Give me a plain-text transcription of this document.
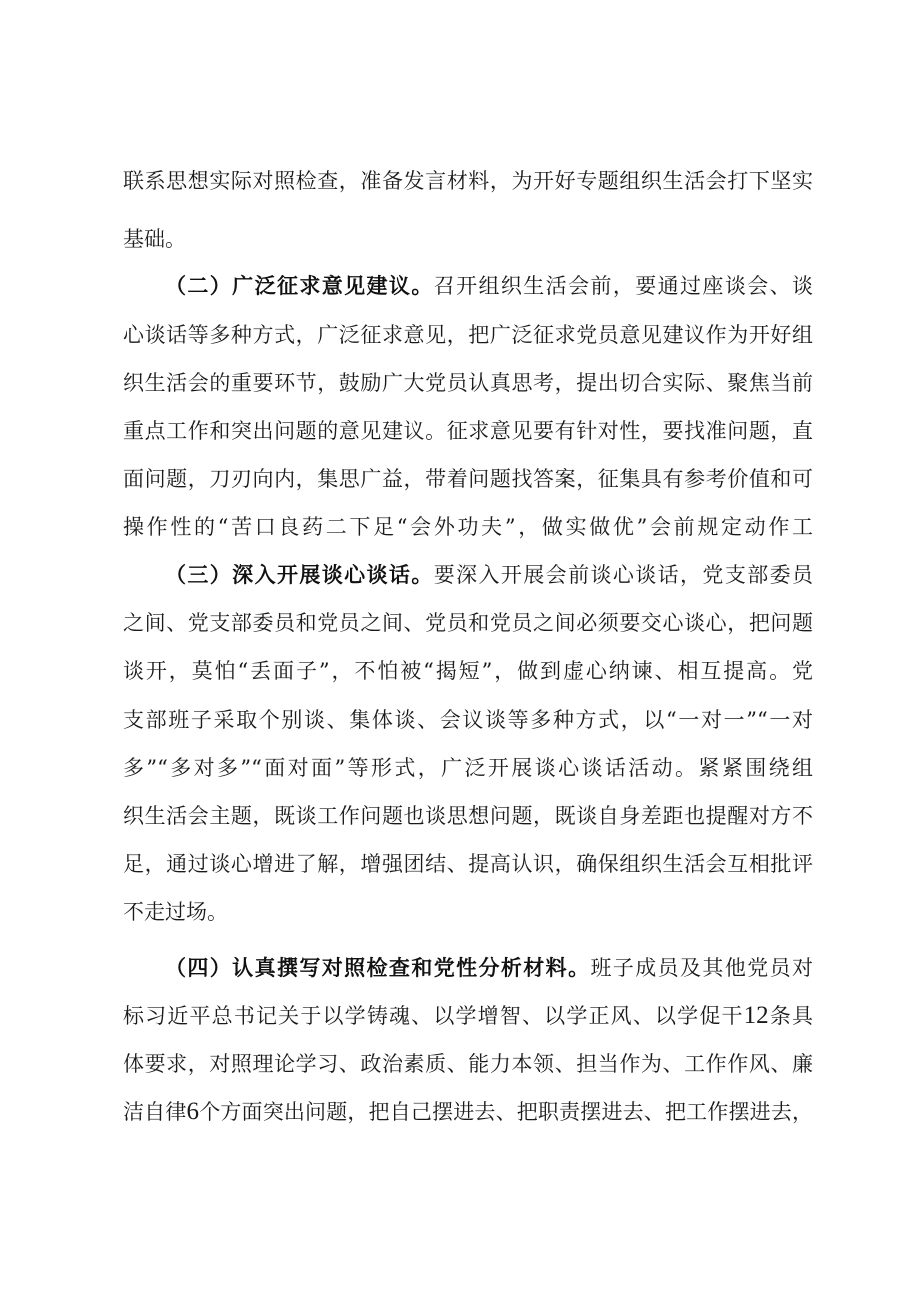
联系思想实际对照检查，准备发言材料，为开好专题组织生活会打下坚实
基础。
（二）广泛征求意见建议。召开组织生活会前，要通过座谈会、谈
心谈话等多种方式，广泛征求意见，把广泛征求党员意见建议作为开好组
织生活会的重要环节，鼓励广大党员认真思考，提出切合实际、聚焦当前
重点工作和突出问题的意见建议。征求意见要有针对性，要找准问题，直
面问题，刀刃向内，集思广益，带着问题找答案，征集具有参考价值和可
操作性的“苦口良药二下足“会外功夫”，做实做优”会前规定动作工
（三）深入开展谈心谈话。要深入开展会前谈心谈话，党支部委员
之间、党支部委员和党员之间、党员和党员之间必须要交心谈心，把问题
谈开，莫怕“丢面子”，不怕被“揭短”，做到虚心纳谏、相互提高。党
支部班子采取个别谈、集体谈、会议谈等多种方式，以“一对一”“一对
多”“多对多”“面对面”等形式，广泛开展谈心谈话活动。紧紧围绕组
织生活会主题，既谈工作问题也谈思想问题，既谈自身差距也提醒对方不
足，通过谈心增进了解，增强团结、提高认识，确保组织生活会互相批评
不走过场。
（四）认真撰写对照检查和党性分析材料。班子成员及其他党员对
标习近平总书记关于以学铸魂、以学增智、以学正风、以学促干12条具
体要求，对照理论学习、政治素质、能力本领、担当作为、工作作风、廉
洁自律6个方面突出问题，把自己摆进去、把职责摆进去、把工作摆进去，
